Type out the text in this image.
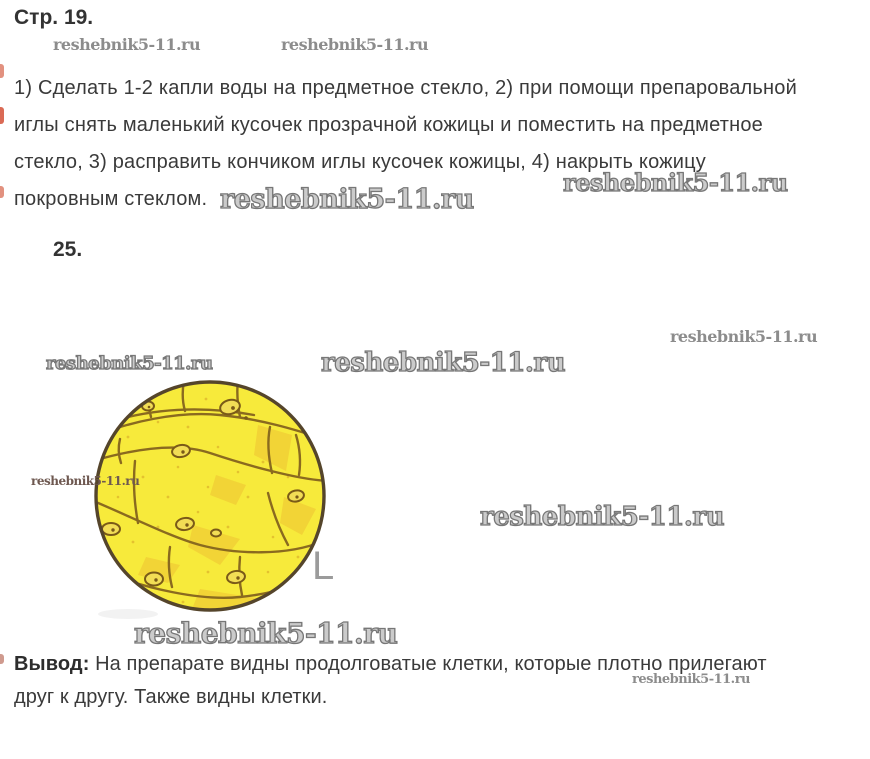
Стр. 19.
reshebnik5-11.ru	reshebnik5-11.ru
1) Сделать 1-2 капли воды на предметное стекло, 2) при помощи препаровальной
иглы снять маленький кусочек прозрачной кожицы и поместить на предметное
стекло, 3) расправить кончиком иглы кусочек кожицы, 4) накрыть кожицу
покровным стеклом.
reshebnik5-11.ru
reshebnik5-11.ru
25.
reshebnik5-11.ru
reshebnik5-11.ru
reshebnik5-11.ru
reshebnik5-11.ru
L
reshebnik5-11.ru
reshebnik5-11.ru
Вывод: На препарате видны продолговатые клетки, которые плотно прилегают
друг к другу. Также видны клетки.
reshebnik5-11.ru
